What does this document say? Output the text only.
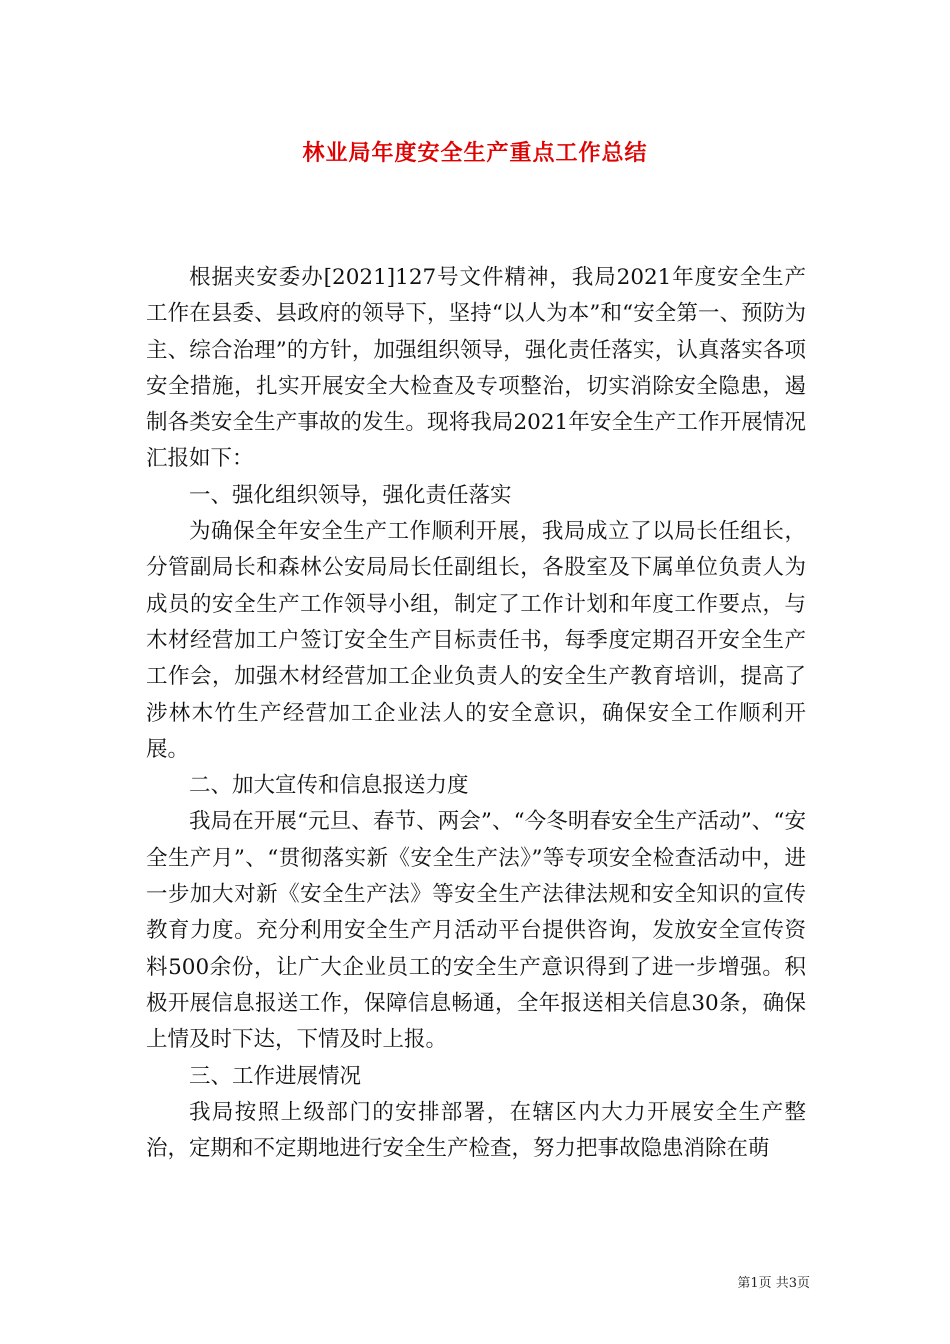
林业局年度安全生产重点工作总结

根据夹安委办[2021]127号文件精神，我局2021年度安全生产工作在县委、县政府的领导下，坚持“以人为本”和“安全第一、预防为主、综合治理”的方针，加强组织领导，强化责任落实，认真落实各项安全措施，扎实开展安全大检查及专项整治，切实消除安全隐患，遏制各类安全生产事故的发生。现将我局2021年安全生产工作开展情况汇报如下：

一、强化组织领导，强化责任落实

为确保全年安全生产工作顺利开展，我局成立了以局长任组长，分管副局长和森林公安局局长任副组长，各股室及下属单位负责人为成员的安全生产工作领导小组，制定了工作计划和年度工作要点，与木材经营加工户签订安全生产目标责任书，每季度定期召开安全生产工作会，加强木材经营加工企业负责人的安全生产教育培训，提高了涉林木竹生产经营加工企业法人的安全意识，确保安全工作顺利开展。

二、加大宣传和信息报送力度

我局在开展“元旦、春节、两会”、“今冬明春安全生产活动”、“安全生产月”、“贯彻落实新《安全生产法》”等专项安全检查活动中，进一步加大对新《安全生产法》等安全生产法律法规和安全知识的宣传教育力度。充分利用安全生产月活动平台提供咨询，发放安全宣传资料500余份，让广大企业员工的安全生产意识得到了进一步增强。积极开展信息报送工作，保障信息畅通，全年报送相关信息30条，确保上情及时下达，下情及时上报。

三、工作进展情况

我局按照上级部门的安排部署，在辖区内大力开展安全生产整治，定期和不定期地进行安全生产检查，努力把事故隐患消除在萌

第1页 共3页
